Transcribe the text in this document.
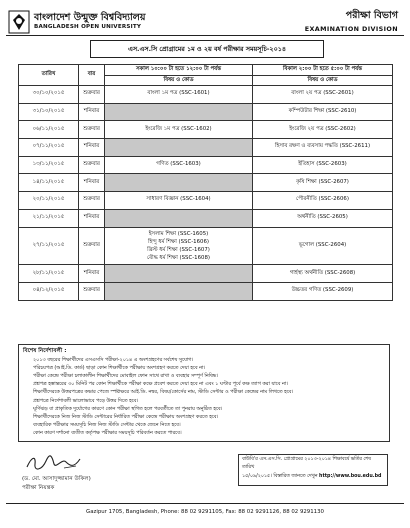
বাংলাদেশ উন্মুক্ত বিশ্ববিদ্যালয়
BANGLADESH OPEN UNIVERSITY
পরীক্ষা বিভাগ
EXAMINATION DIVISION
এস.এস.সি প্রোগ্রামের ১ম ও ২য় বর্ষ পরীক্ষার সময়সূচি-২০১৪
তারিখ	বার	সকাল ১০:০০ টা হতে ১২:০০ টা পর্যন্ত	বিকাল ২:০০ টা হতে ৫:০০ টা পর্যন্ত
		বিষয় ও কোড	বিষয় ও কোড
৩০/১০/২০১৫	শুক্রবার	বাংলা ১ম পত্র (SSC-1601)	বাংলা ২য় পত্র (SSC-2601)
৩১/১০/২০১৫	শনিবার		কম্পিউটার শিক্ষা (SSC-2610)
০৬/১১/২০১৫	শুক্রবার	ইংরেজি ১ম পত্র (SSC-1602)	ইংরেজি ২য় পত্র (SSC-2602)
০৭/১১/২০১৫	শনিবার		হিসাব রক্ষণ ও ব্যবসায় পদ্ধতি (SSC-2611)
১৩/১১/২০১৫	শুক্রবার	গণিত (SSC-1603)	ইতিহাস (SSC-2603)
১৪/১১/২০১৫	শনিবার		কৃষি শিক্ষা (SSC-2607)
২০/১১/২০১৫	শুক্রবার	সাধারণ বিজ্ঞান (SSC-1604)	পৌরনীতি (SSC-2606)
২১/১১/২০১৫	শনিবার		অর্থনীতি (SSC-2605)
২৭/১১/২০১৫	শুক্রবার	ইসলাম শিক্ষা (SSC-1605)
হিন্দু ধর্ম শিক্ষা (SSC-1606)
খ্রিস্ট ধর্ম শিক্ষা (SSC-1607)
বৌদ্ধ ধর্ম শিক্ষা (SSC-1608)	ভূগোল (SSC-2604)
২৮/১১/২০১৫	শনিবার		গার্হস্থ্য অর্থনীতি (SSC-2608)
০৪/১২/২০১৫	শুক্রবার		উচ্চতর গণিত (SSC-2609)
বিশেষ নির্দেশাবলী :
• ২০১৩ বছরের শিক্ষার্থীদের এসএসসি পরীক্ষা-২০১৪ এ অংশগ্রহণের সর্বশেষ সুযোগ।
• পরিচয়পত্র (আই.ডি. কার্ড) ছাড়া কোন শিক্ষার্থীকে পরীক্ষায় অংশগ্রহণ করতে দেয়া হবে না।
• পরীক্ষা কেন্দ্রে পরীক্ষা চলাকালীন শিক্ষার্থীদের মোবাইল ফোন সাথে রাখা ও ব্যবহার সম্পূর্ণ নিষিদ্ধ।
• প্রশ্নপত্র হস্তান্তরের ৩০ মিনিট পর কোন শিক্ষার্থীকে পরীক্ষা কক্ষে প্রবেশ করতে দেয়া হবে না এবং ১ ঘণ্টার পূর্বে কক্ষ ত্যাগ করা যাবে না।
• শিক্ষার্থীদেরকে উত্তরপত্রের কভার পেজে স্পষ্টাক্ষরে আই.ডি. নম্বর, বিষয়/কোর্সের নাম, স্টাডি সেন্টার ও পরীক্ষা কেন্দ্রের নাম লিখতে হবে।
• প্রশ্নপত্রে নির্দেশাবলী ভালোভাবে পড়ে উত্তর দিতে হবে।
• ঘূর্ণিঝড় বা প্রাকৃতিক দুর্যোগের কারণে কোন পরীক্ষা স্থগিত হলে পরবর্তীতে তা পুনরায় অনুষ্ঠিত হবে।
• শিক্ষার্থীদেরকে নিজ নিজ স্টাডি সেন্টারের নির্ধারিত পরীক্ষা কেন্দ্রে পরীক্ষায় অংশগ্রহণ করতে হবে।
• ব্যবহারিক পরীক্ষার সময়সূচি নিজ নিজ স্টাডি সেন্টার থেকে জেনে নিতে হবে।
• কোন কারণ দর্শানো ব্যতীত কর্তৃপক্ষ পরীক্ষার সময়সূচি পরিবর্তন করতে পারবে।
(ড. মো. আসাদুজ্জামান উকিল)
পরীক্ষা নিয়ন্ত্রক
বাউবি'র এস.এস.সি. প্রোগ্রামের ২০১৩-২০১৪ শিক্ষাবর্ষে ভর্তির শেষ তারিখ
১৫/০৯/২০১৫। বিস্তারিত জানতে দেখুন http://www.bou.edu.bd
Gazipur 1705, Bangladesh, Phone: 88 02 9291105, Fax: 88 02 9291126, 88 02 9291130
